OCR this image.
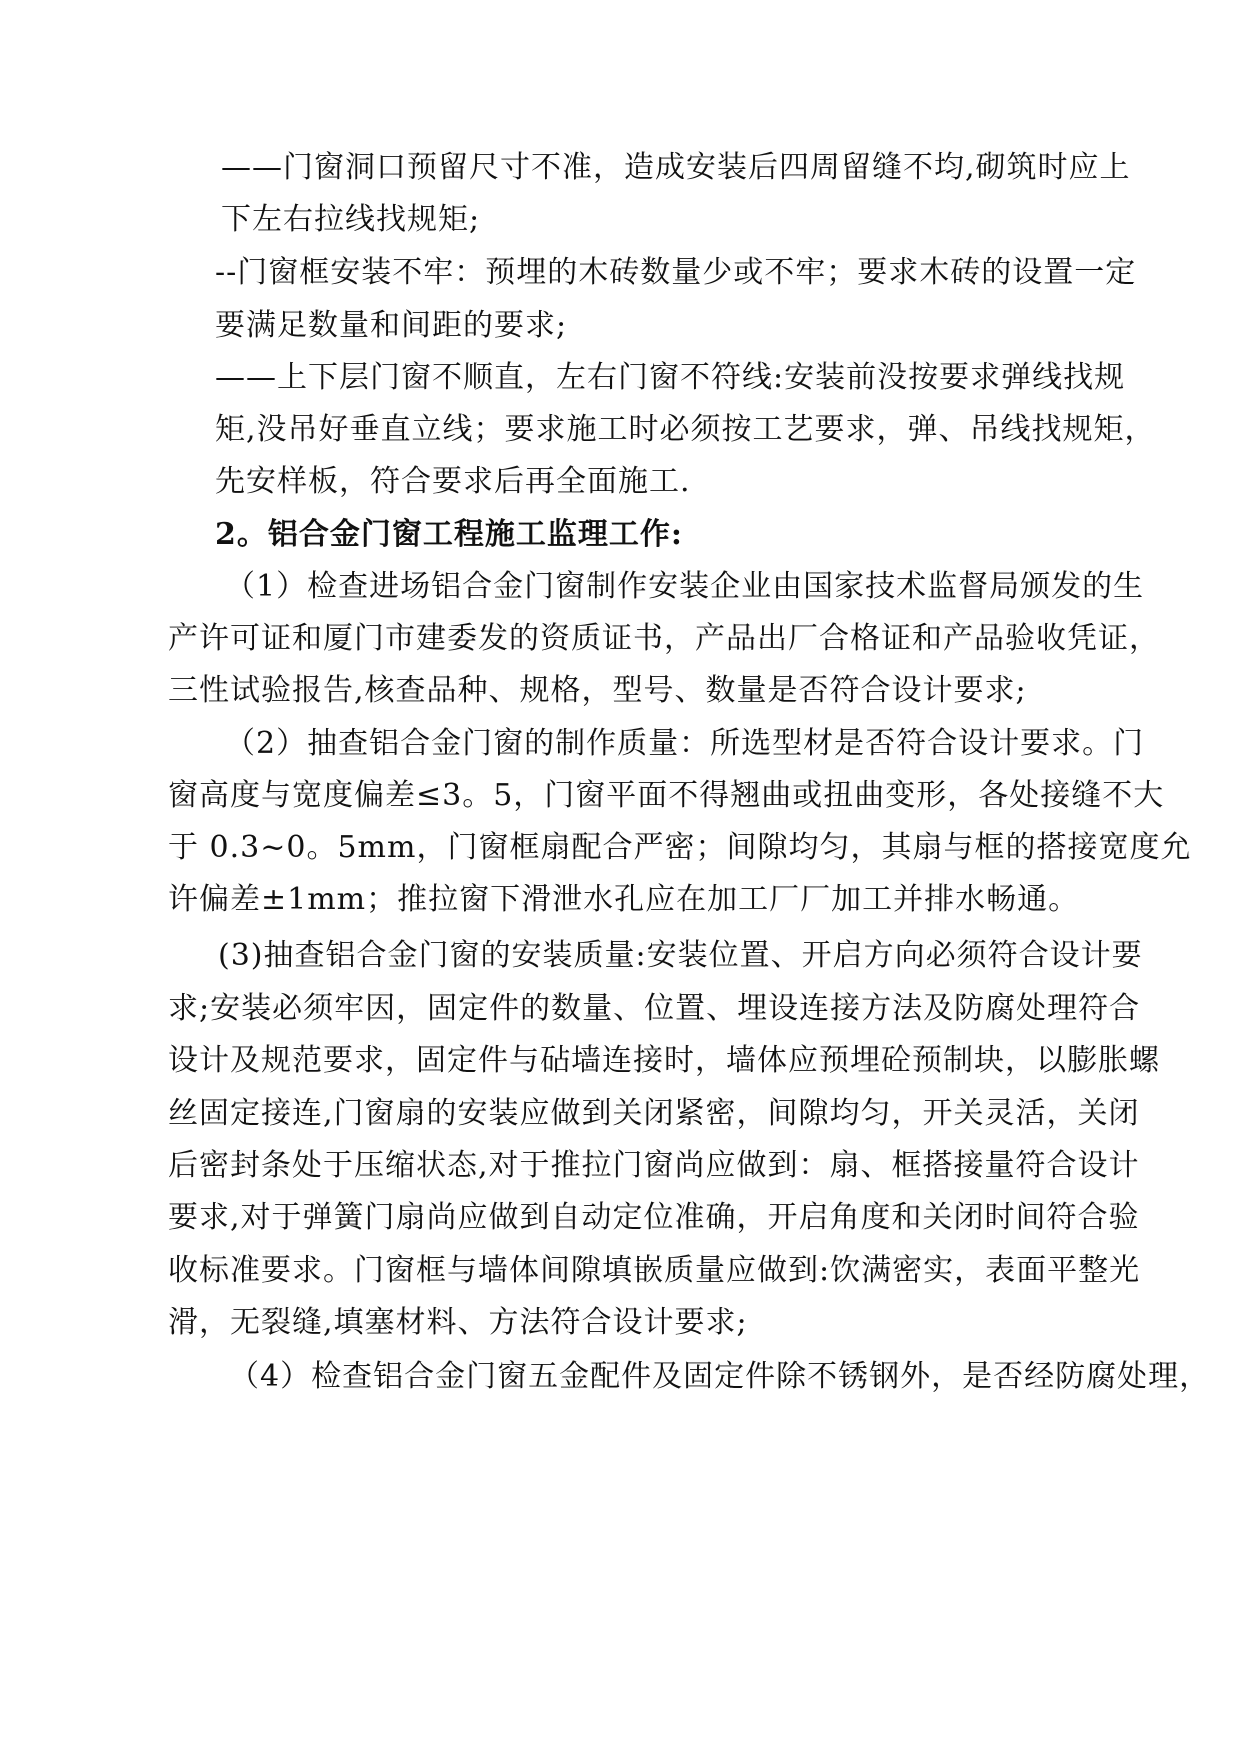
——门窗洞口预留尺寸不准，造成安装后四周留缝不均,砌筑时应上
下左右拉线找规矩;
--门窗框安装不牢：预埋的木砖数量少或不牢；要求木砖的设置一定
要满足数量和间距的要求;
——上下层门窗不顺直，左右门窗不符线:安装前没按要求弹线找规
矩,没吊好垂直立线；要求施工时必须按工艺要求，弹、吊线找规矩，
先安样板，符合要求后再全面施工.
2。铝合金门窗工程施工监理工作:
（1）检查进场铝合金门窗制作安装企业由国家技术监督局颁发的生
产许可证和厦门市建委发的资质证书，产品出厂合格证和产品验收凭证，
三性试验报告,核查品种、规格，型号、数量是否符合设计要求;
（2）抽查铝合金门窗的制作质量：所选型材是否符合设计要求。门
窗高度与宽度偏差≤3。5，门窗平面不得翘曲或扭曲变形，各处接缝不大
于 0.3~0。5mm，门窗框扇配合严密；间隙均匀，其扇与框的搭接宽度允
许偏差±1mm；推拉窗下滑泄水孔应在加工厂厂加工并排水畅通。
(3)抽查铝合金门窗的安装质量:安装位置、开启方向必须符合设计要
求;安装必须牢因，固定件的数量、位置、埋设连接方法及防腐处理符合
设计及规范要求，固定件与砧墙连接时，墙体应预埋砼预制块，以膨胀螺
丝固定接连,门窗扇的安装应做到关闭紧密，间隙均匀，开关灵活，关闭
后密封条处于压缩状态,对于推拉门窗尚应做到：扇、框搭接量符合设计
要求,对于弹簧门扇尚应做到自动定位准确，开启角度和关闭时间符合验
收标准要求。门窗框与墙体间隙填嵌质量应做到:饮满密实，表面平整光
滑，无裂缝,填塞材料、方法符合设计要求;
（4）检查铝合金门窗五金配件及固定件除不锈钢外，是否经防腐处理，
